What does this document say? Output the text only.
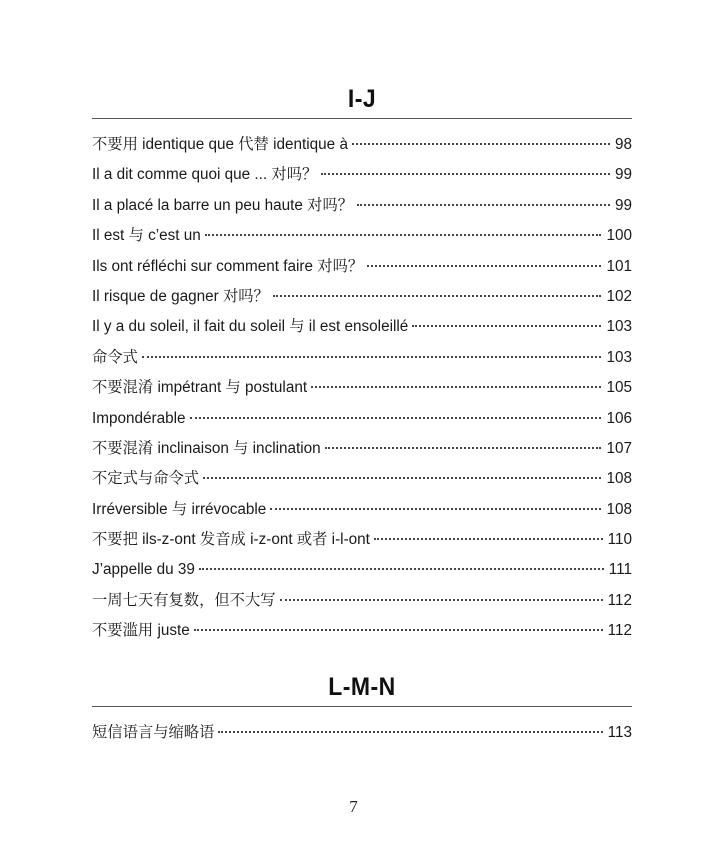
I-J
不要用 identique que 代替 identique à	98
Il a dit comme quoi que ... 对吗？	99
Il a placé la barre un peu haute 对吗？	99
Il est 与 c’est un	100
Ils ont réfléchi sur comment faire 对吗？	101
Il risque de gagner 对吗？	102
Il y a du soleil, il fait du soleil 与 il est ensoleillé	103
命令式	103
不要混淆 impétrant 与 postulant	105
Impondérable	106
不要混淆 inclinaison 与 inclination	107
不定式与命令式	108
Irréversible 与 irrévocable	108
不要把 ils-z-ont 发音成 i-z-ont 或者 i-l-ont	110
J’appelle du 39	111
一周七天有复数，但不大写	112
不要滥用 juste	112
L-M-N
短信语言与缩略语	113
7
